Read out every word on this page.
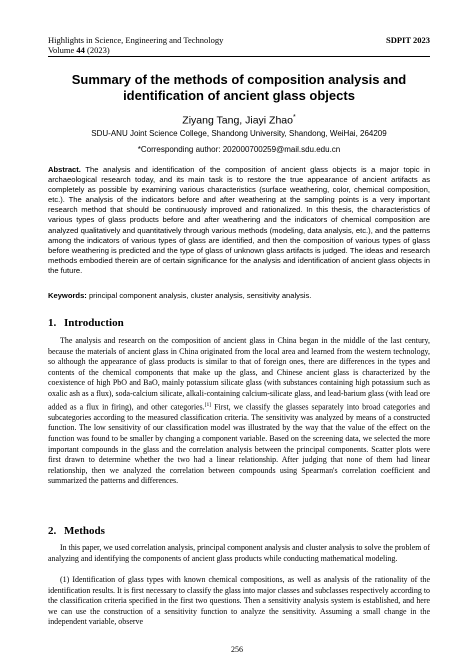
Highlights in Science, Engineering and Technology	SDPIT 2023
Volume 44 (2023)
Summary of the methods of composition analysis and identification of ancient glass objects
Ziyang Tang, Jiayi Zhao*
SDU-ANU Joint Science College, Shandong University, Shandong, WeiHai, 264209
*Corresponding author: 202000700259@mail.sdu.edu.cn
Abstract. The analysis and identification of the composition of ancient glass objects is a major topic in archaeological research today, and its main task is to restore the true appearance of ancient artifacts as completely as possible by examining various characteristics (surface weathering, color, chemical composition, etc.). The analysis of the indicators before and after weathering at the sampling points is a very important research method that should be continuously improved and rationalized. In this thesis, the characteristics of various types of glass products before and after weathering and the indicators of chemical composition are analyzed qualitatively and quantitatively through various methods (modeling, data analysis, etc.), and the patterns among the indicators of various types of glass are identified, and then the composition of various types of glass before weathering is predicted and the type of glass of unknown glass artifacts is judged. The ideas and research methods embodied therein are of certain significance for the analysis and identification of ancient glass objects in the future.
Keywords: principal component analysis, cluster analysis, sensitivity analysis.
1. Introduction
The analysis and research on the composition of ancient glass in China began in the middle of the last century, because the materials of ancient glass in China originated from the local area and learned from the western technology, so although the appearance of glass products is similar to that of foreign ones, there are differences in the types and contents of the chemical components that make up the glass, and Chinese ancient glass is characterized by the coexistence of high PbO and BaO, mainly potassium silicate glass (with substances containing high potassium such as oxalic ash as a flux), soda-calcium silicate, alkali-containing calcium-silicate glass, and lead-barium glass (with lead ore added as a flux in firing), and other categories.[1] First, we classify the glasses separately into broad categories and subcategories according to the measured classification criteria. The sensitivity was analyzed by means of a constructed function. The low sensitivity of our classification model was illustrated by the way that the value of the effect on the function was found to be smaller by changing a component variable. Based on the screening data, we selected the more important compounds in the glass and the correlation analysis between the principal components. Scatter plots were first drawn to determine whether the two had a linear relationship. After judging that none of them had linear relationship, then we analyzed the correlation between compounds using Spearman's correlation coefficient and summarized the patterns and differences.
2. Methods
In this paper, we used correlation analysis, principal component analysis and cluster analysis to solve the problem of analyzing and identifying the components of ancient glass products while conducting mathematical modeling.
(1) Identification of glass types with known chemical compositions, as well as analysis of the rationality of the identification results. It is first necessary to classify the glass into major classes and subclasses respectively according to the classification criteria specified in the first two questions. Then a sensitivity analysis system is established, and here we can use the construction of a sensitivity function to analyze the sensitivity. Assuming a small change in the independent variable, observe
256
